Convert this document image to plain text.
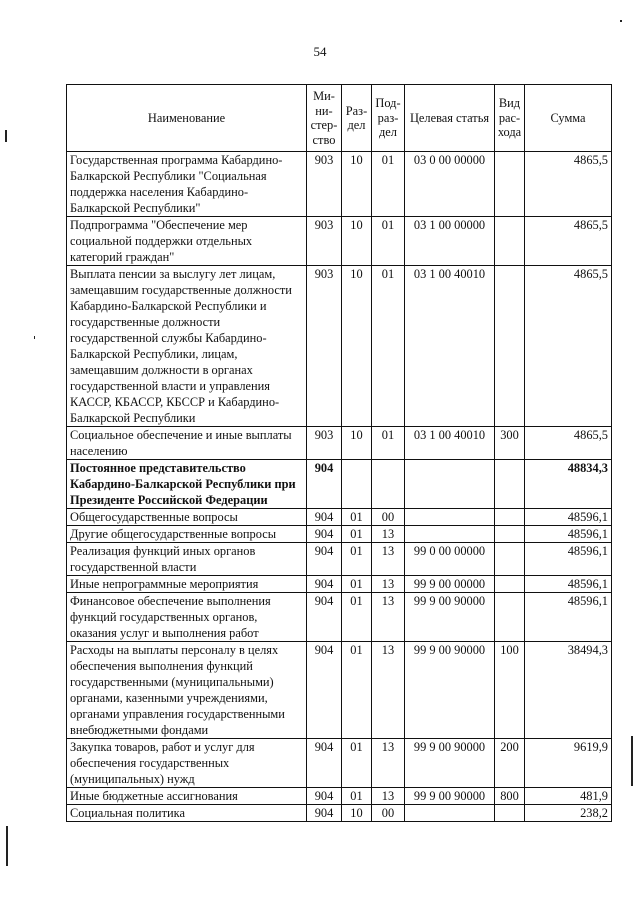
54
Наименование	Ми-ни-стер-ство	Раз-дел	Под-раз-дел	Целевая статья	Вид рас-хода	Сумма
Государственная программа Кабардино-Балкарской Республики "Социальная поддержка населения Кабардино-Балкарской Республики"	903	10	01	03 0 00 00000		4865,5
Подпрограмма "Обеспечение мер социальной поддержки отдельных категорий граждан"	903	10	01	03 1 00 00000		4865,5
Выплата пенсии за выслугу лет лицам, замещавшим государственные должности Кабардино-Балкарской Республики и государственные должности государственной службы Кабардино-Балкарской Республики, лицам, замещавшим должности в органах государственной власти и управления КАССР, КБАССР, КБССР и Кабардино-Балкарской Республики	903	10	01	03 1 00 40010		4865,5
Социальное обеспечение и иные выплаты населению	903	10	01	03 1 00 40010	300	4865,5
Постоянное представительство Кабардино-Балкарской Республики при Президенте Российской Федерации	904					48834,3
Общегосударственные вопросы	904	01	00			48596,1
Другие общегосударственные вопросы	904	01	13			48596,1
Реализация функций иных органов государственной власти	904	01	13	99 0 00 00000		48596,1
Иные непрограммные мероприятия	904	01	13	99 9 00 00000		48596,1
Финансовое обеспечение выполнения функций государственных органов, оказания услуг и выполнения работ	904	01	13	99 9 00 90000		48596,1
Расходы на выплаты персоналу в целях обеспечения выполнения функций государственными (муниципальными) органами, казенными учреждениями, органами управления государственными внебюджетными фондами	904	01	13	99 9 00 90000	100	38494,3
Закупка товаров, работ и услуг для обеспечения государственных (муниципальных) нужд	904	01	13	99 9 00 90000	200	9619,9
Иные бюджетные ассигнования	904	01	13	99 9 00 90000	800	481,9
Социальная политика	904	10	00			238,2
